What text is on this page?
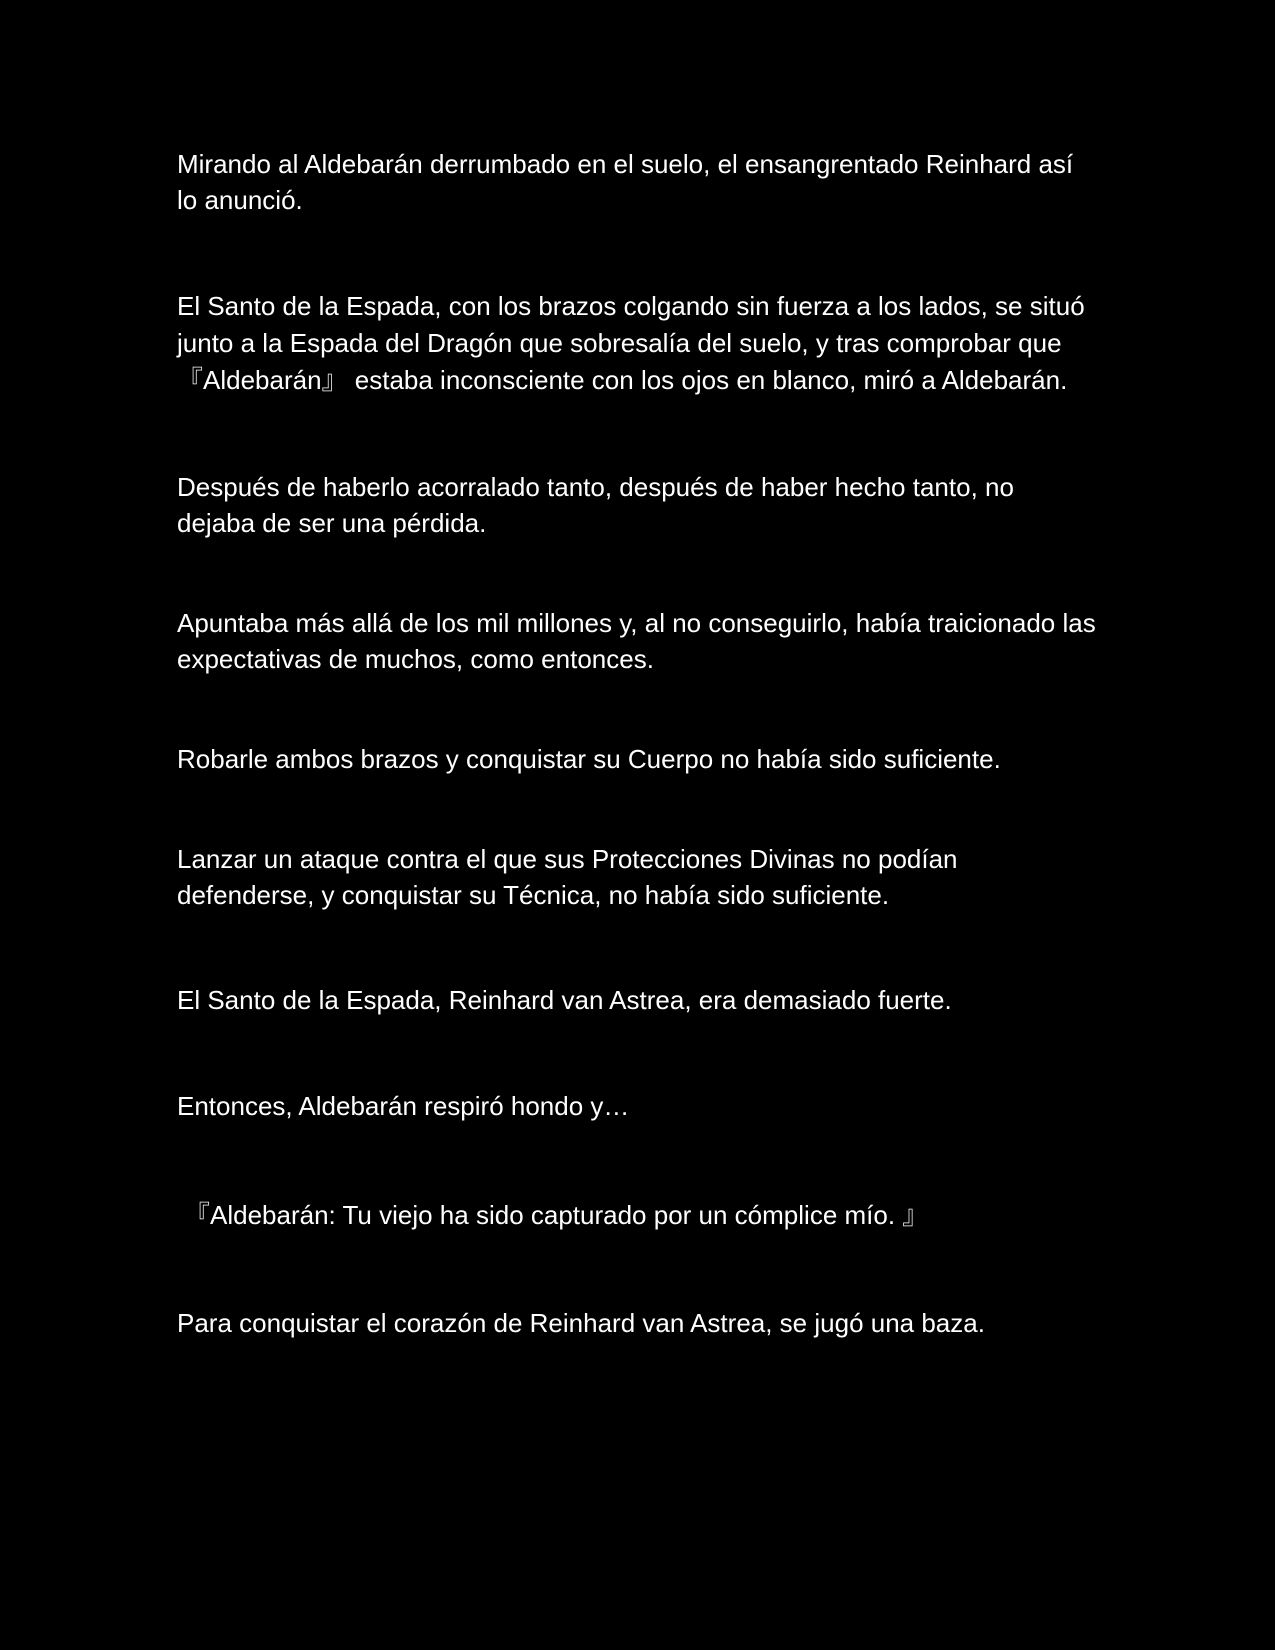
Mirando al Aldebarán derrumbado en el suelo, el ensangrentado Reinhard así lo anunció.

El Santo de la Espada, con los brazos colgando sin fuerza a los lados, se situó junto a la Espada del Dragón que sobresalía del suelo, y tras comprobar que 『Aldebarán』 estaba inconsciente con los ojos en blanco, miró a Aldebarán.

Después de haberlo acorralado tanto, después de haber hecho tanto, no dejaba de ser una pérdida.

Apuntaba más allá de los mil millones y, al no conseguirlo, había traicionado las expectativas de muchos, como entonces.

Robarle ambos brazos y conquistar su Cuerpo no había sido suficiente.

Lanzar un ataque contra el que sus Protecciones Divinas no podían defenderse, y conquistar su Técnica, no había sido suficiente.

El Santo de la Espada, Reinhard van Astrea, era demasiado fuerte.

Entonces, Aldebarán respiró hondo y…

『Aldebarán: Tu viejo ha sido capturado por un cómplice mío. 』

Para conquistar el corazón de Reinhard van Astrea, se jugó una baza.
